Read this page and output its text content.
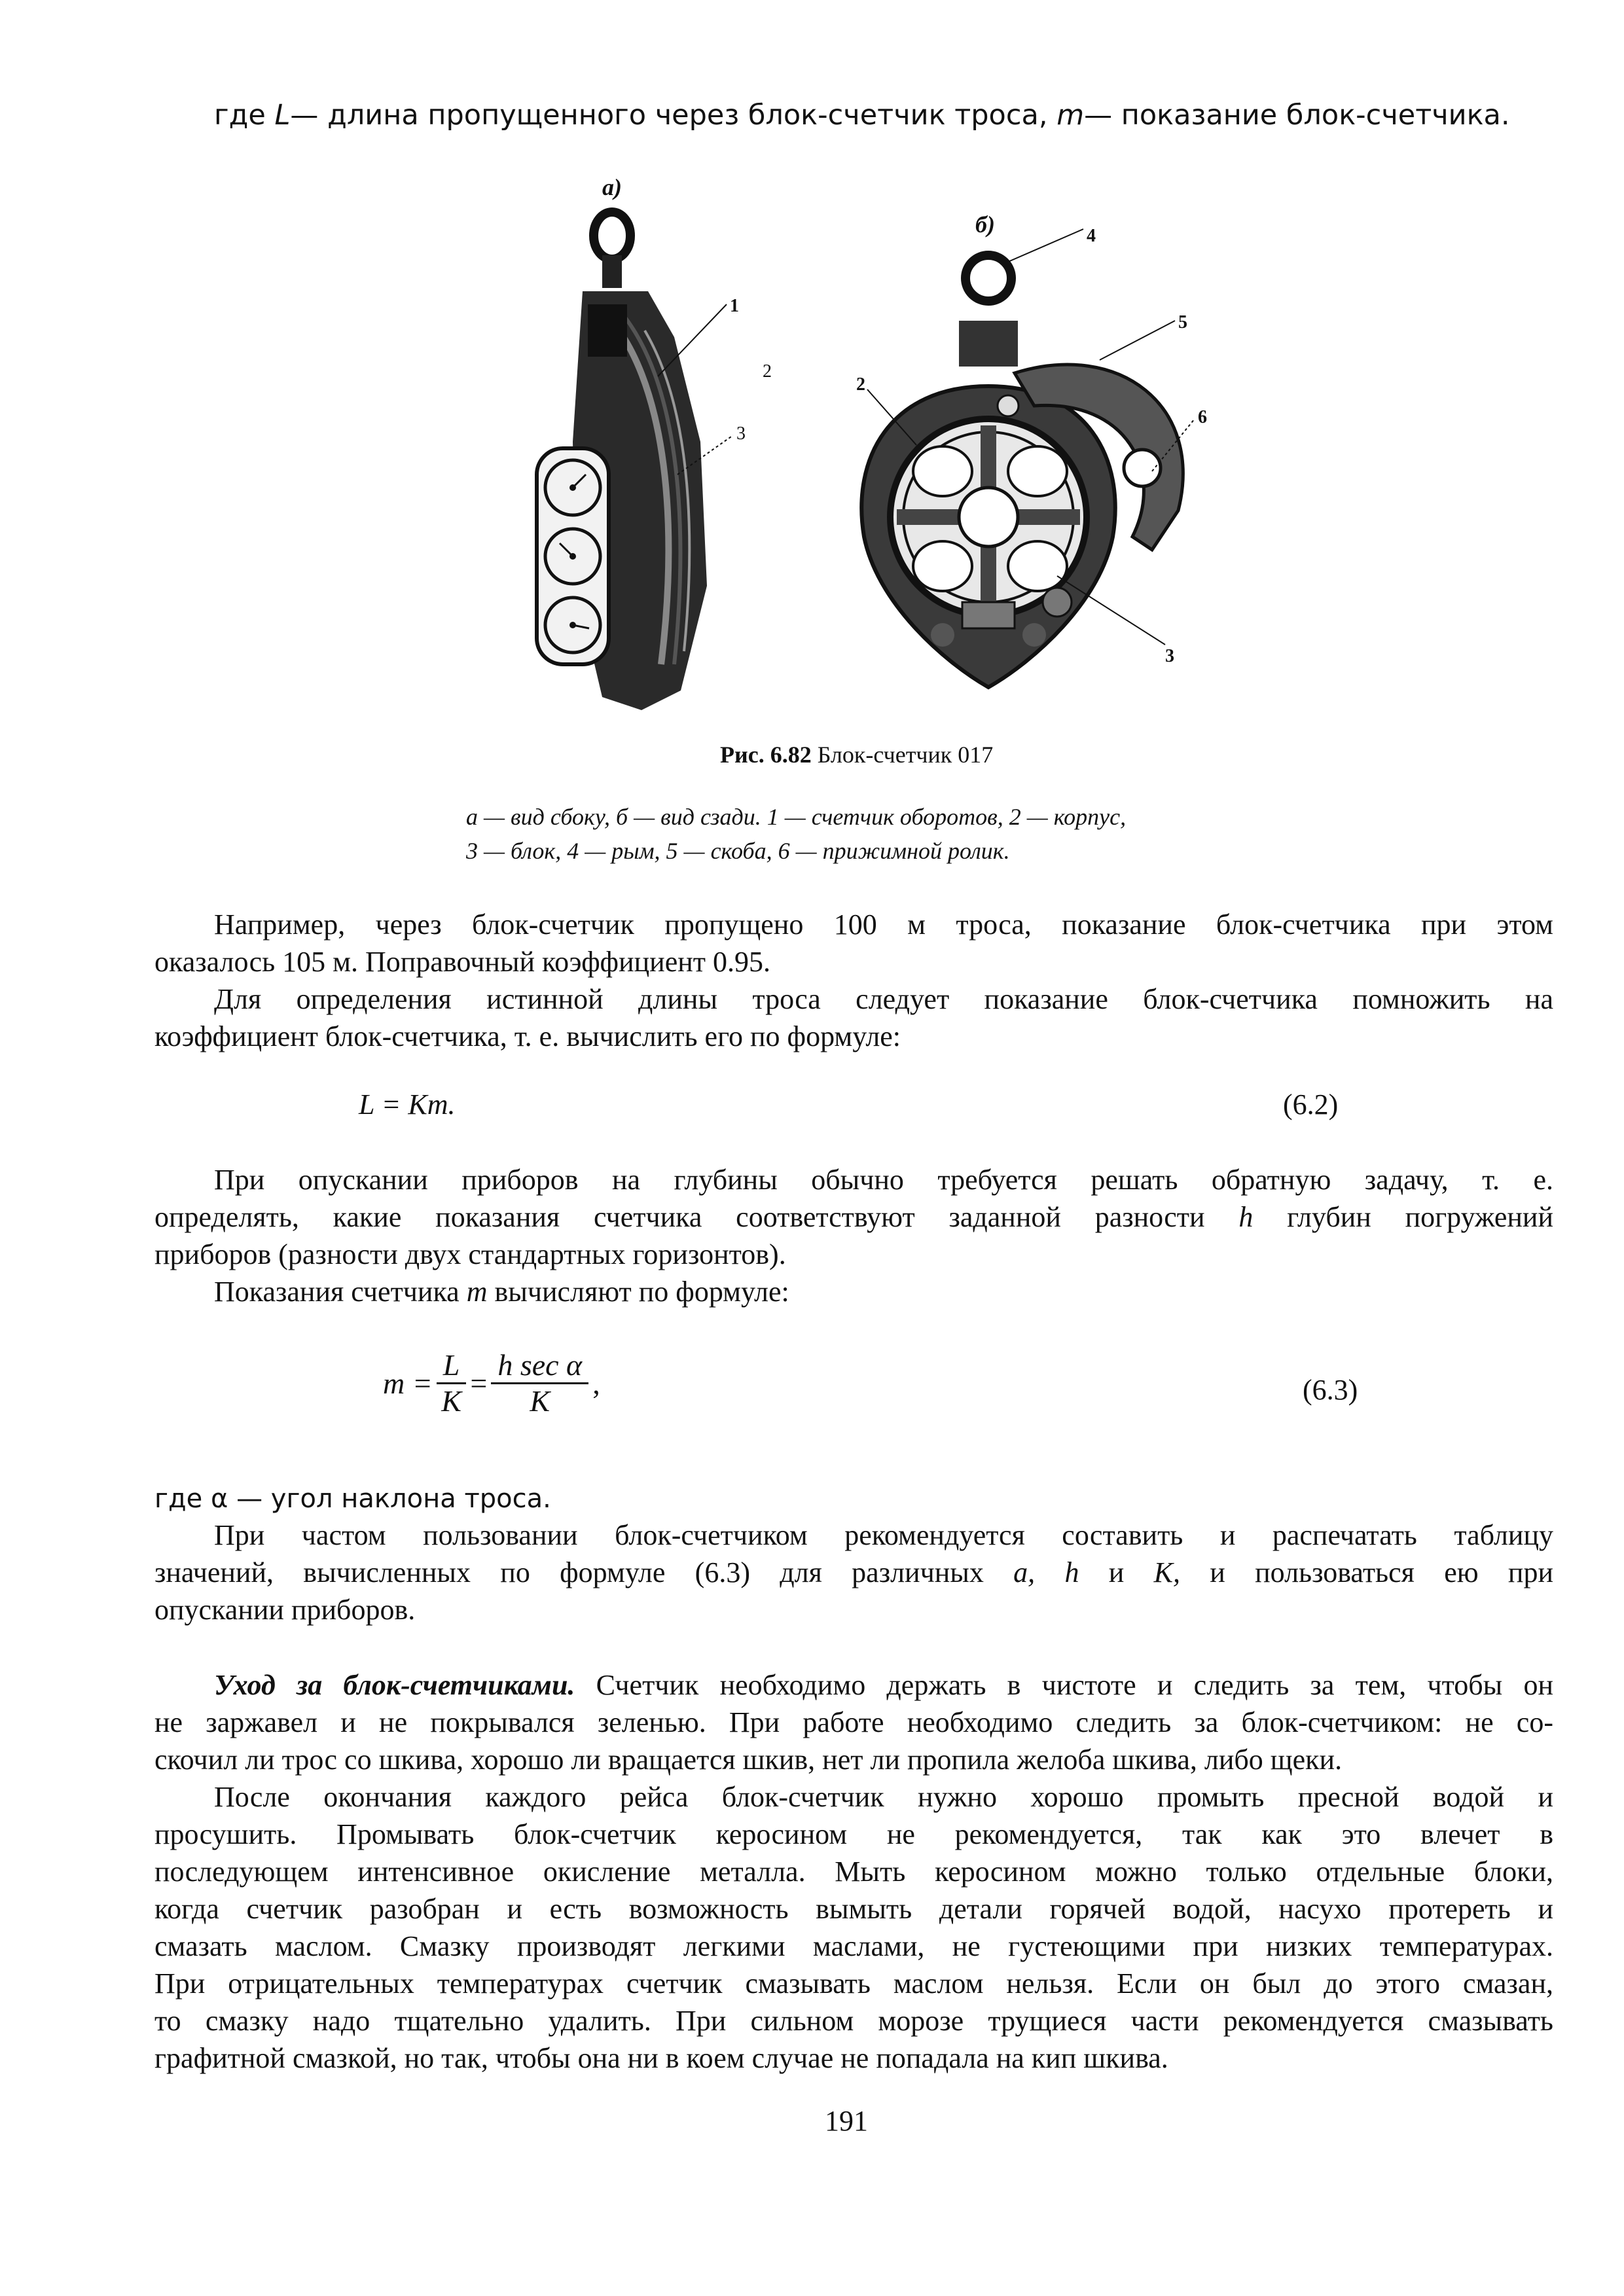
где L— длина пропущенного через блок-счетчик троса, m— показание блок-счетчика.
а)
1
2
3
б)	4
5
2
6
3
Рис. 6.82 Блок-счетчик 017
а — вид сбоку, б — вид сзади. 1 — счетчик оборотов, 2 — корпус,
3 — блок, 4 — рым, 5 — скоба, 6 — прижимной ролик.
Например, через блок-счетчик пропущено 100 м троса, показание блок-счетчика при этом
оказалось 105 м. Поправочный коэффициент 0.95.
Для определения истинной длины троса следует показание блок-счетчика помножить на
коэффициент блок-счетчика, т. е. вычислить его по формуле:
L = Km.	(6.2)
При опускании приборов на глубины обычно требуется решать обратную задачу, т. е.
определять, какие показания счетчика соответствуют заданной разности h глубин погружений
приборов (разности двух стандартных горизонтов).
Показания счетчика m вычисляют по формуле:
$m = \frac{L}{K} = \frac{\text{h sec α}}{K}$ ,	(6.3)
где α — угол наклона троса.
При частом пользовании блок-счетчиком рекомендуется составить и распечатать таблицу
значений, вычисленных по формуле (6.3) для различных a, h и K, и пользоваться ею при
опускании приборов.
Уход за блок-счетчиками. Счетчик необходимо держать в чистоте и следить за тем, чтобы он
не заржавел и не покрывался зеленью. При работе необходимо следить за блок-счетчиком: не со-
скочил ли трос со шкива, хорошо ли вращается шкив, нет ли пропила желоба шкива, либо щеки.
После окончания каждого рейса блок-счетчик нужно хорошо промыть пресной водой и
просушить. Промывать блок-счетчик керосином не рекомендуется, так как это влечет в
последующем интенсивное окисление металла. Мыть керосином можно только отдельные блоки,
когда счетчик разобран и есть возможность вымыть детали горячей водой, насухо протереть и
смазать маслом. Смазку производят легкими маслами, не густеющими при низких температурах.
При отрицательных температурах счетчик смазывать маслом нельзя. Если он был до этого смазан,
то смазку надо тщательно удалить. При сильном морозе трущиеся части рекомендуется смазывать
графитной смазкой, но так, чтобы она ни в коем случае не попадала на кип шкива.
191
